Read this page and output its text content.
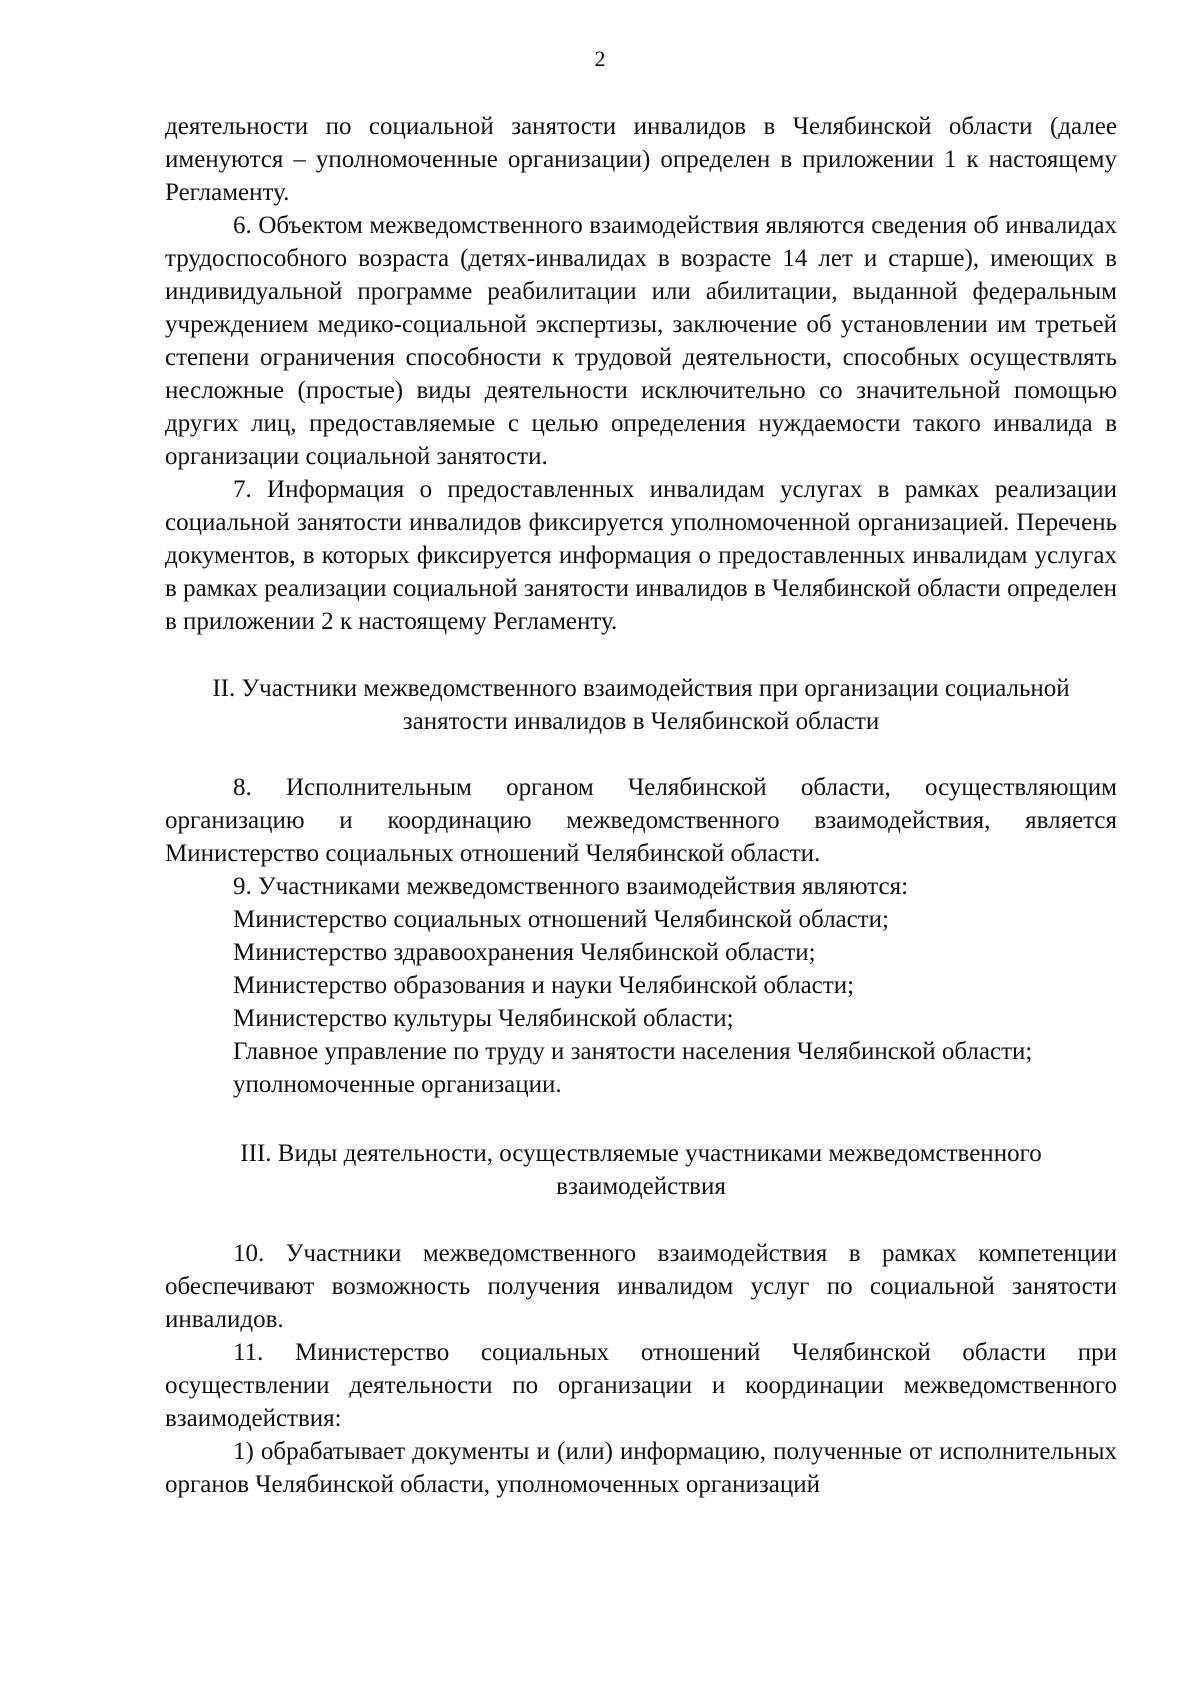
2

деятельности по социальной занятости инвалидов в Челябинской области (далее именуются – уполномоченные организации) определен в приложении 1 к настоящему Регламенту.

6. Объектом межведомственного взаимодействия являются сведения об инвалидах трудоспособного возраста (детях-инвалидах в возрасте 14 лет и старше), имеющих в индивидуальной программе реабилитации или абилитации, выданной федеральным учреждением медико-социальной экспертизы, заключение об установлении им третьей степени ограничения способности к трудовой деятельности, способных осуществлять несложные (простые) виды деятельности исключительно со значительной помощью других лиц, предоставляемые с целью определения нуждаемости такого инвалида в организации социальной занятости.

7. Информация о предоставленных инвалидам услугах в рамках реализации социальной занятости инвалидов фиксируется уполномоченной организацией. Перечень документов, в которых фиксируется информация о предоставленных инвалидам услугах в рамках реализации социальной занятости инвалидов в Челябинской области определен в приложении 2 к настоящему Регламенту.

II. Участники межведомственного взаимодействия при организации социальной
занятости инвалидов в Челябинской области

8. Исполнительным органом Челябинской области, осуществляющим организацию и координацию межведомственного взаимодействия, является Министерство социальных отношений Челябинской области.

9. Участниками межведомственного взаимодействия являются:

Министерство социальных отношений Челябинской области;

Министерство здравоохранения Челябинской области;

Министерство образования и науки Челябинской области;

Министерство культуры Челябинской области;

Главное управление по труду и занятости населения Челябинской области;

уполномоченные организации.

III. Виды деятельности, осуществляемые участниками межведомственного
взаимодействия

10. Участники межведомственного взаимодействия в рамках компетенции обеспечивают возможность получения инвалидом услуг по социальной занятости инвалидов.

11. Министерство социальных отношений Челябинской области при осуществлении деятельности по организации и координации межведомственного взаимодействия:

1) обрабатывает документы и (или) информацию, полученные от исполнительных органов Челябинской области, уполномоченных организаций
